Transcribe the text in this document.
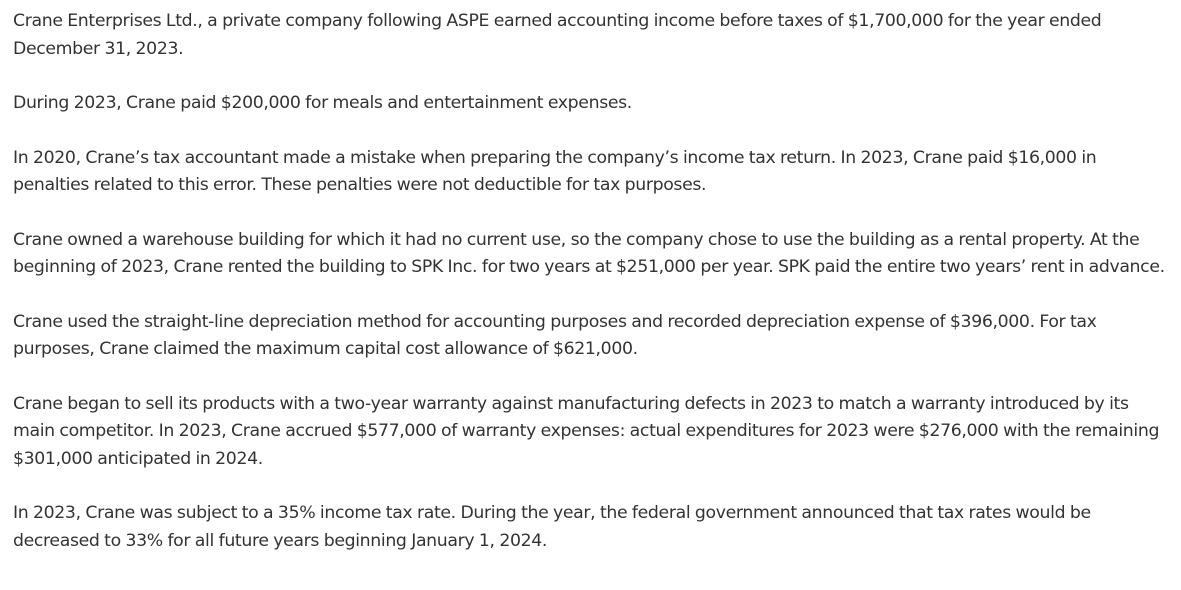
Crane Enterprises Ltd., a private company following ASPE earned accounting income before taxes of $1,700,000 for the year ended December 31, 2023.

During 2023, Crane paid $200,000 for meals and entertainment expenses.

In 2020, Crane’s tax accountant made a mistake when preparing the company’s income tax return. In 2023, Crane paid $16,000 in penalties related to this error. These penalties were not deductible for tax purposes.

Crane owned a warehouse building for which it had no current use, so the company chose to use the building as a rental property. At the beginning of 2023, Crane rented the building to SPK Inc. for two years at $251,000 per year. SPK paid the entire two years’ rent in advance.

Crane used the straight-line depreciation method for accounting purposes and recorded depreciation expense of $396,000. For tax purposes, Crane claimed the maximum capital cost allowance of $621,000.

Crane began to sell its products with a two-year warranty against manufacturing defects in 2023 to match a warranty introduced by its main competitor. In 2023, Crane accrued $577,000 of warranty expenses: actual expenditures for 2023 were $276,000 with the remaining $301,000 anticipated in 2024.

In 2023, Crane was subject to a 35% income tax rate. During the year, the federal government announced that tax rates would be decreased to 33% for all future years beginning January 1, 2024.
